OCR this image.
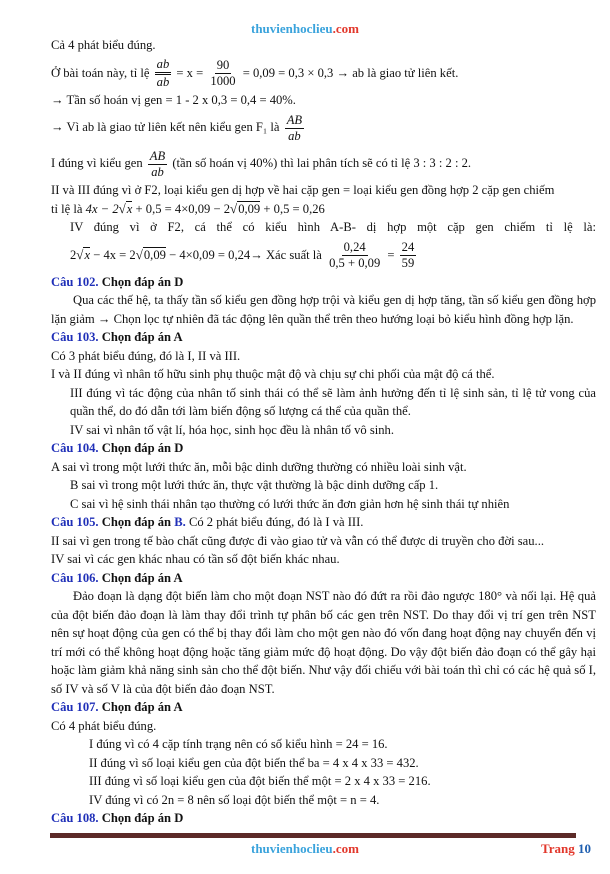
thuvienhoclieu.com
Cả 4 phát biểu đúng.
Ở bài toán này, tỉ lệ $\frac{ab}{ab} = x = \frac{90}{1000} = 0,09 = 0,3 \times 0,3$ → ab là giao tử liên kết.
→ Tần số hoán vị gen = 1 - 2 x 0,3 = 0,4 = 40%.
→ Vì ab là giao tử liên kết nên kiểu gen F₁ là $\frac{AB}{ab}$
I đúng vì kiểu gen $\frac{AB}{ab}$ (tần số hoán vị 40%) thì lai phân tích sẽ có tỉ lệ 3 : 3 : 2 : 2.
II và III đúng vì ở F2, loại kiểu gen dị hợp về hai cặp gen = loại kiểu gen đồng hợp 2 cặp gen chiếm
tỉ lệ là 4x − 2√x + 0,5 = 4×0,09 − 2√0,09 + 0,5 = 0,26
IV đúng vì ở F2, cá thể có kiểu hình A-B- dị hợp một cặp gen chiếm tỉ lệ là:
2√x − 4x = 2√0,09 − 4×0,09 = 0,24→ Xác suất là $\frac{0,24}{0,5 + 0,09} = \frac{24}{59}$
Câu 102. Chọn đáp án D
Qua các thế hệ, ta thấy tần số kiểu gen đồng hợp trội và kiểu gen dị hợp tăng, tần số kiểu gen đồng hợp lặn giảm → Chọn lọc tự nhiên đã tác động lên quần thể trên theo hướng loại bỏ kiểu hình đồng hợp lặn.
Câu 103. Chọn đáp án A
Có 3 phát biểu đúng, đó là I, II và III.
I và II đúng vì nhân tố hữu sinh phụ thuộc mật độ và chịu sự chi phối của mật độ cá thể.
III đúng vì tác động của nhân tố sinh thái có thể sẽ làm ảnh hưởng đến tỉ lệ sinh sản, tỉ lệ tử vong của quần thể, do đó dẫn tới làm biến động số lượng cá thể của quần thể.
IV sai vì nhân tố vật lí, hóa học, sinh học đều là nhân tố vô sinh.
Câu 104. Chọn đáp án D
A sai vì trong một lưới thức ăn, mỗi bậc dinh dưỡng thường có nhiều loài sinh vật.
B sai vì trong một lưới thức ăn, thực vật thường là bậc dinh dưỡng cấp 1.
C sai vì hệ sinh thái nhân tạo thường có lưới thức ăn đơn giản hơn hệ sinh thái tự nhiên
Câu 105. Chọn đáp án B. Có 2 phát biểu đúng, đó là I và III.
II sai vì gen trong tế bào chất cũng được đi vào giao tử và vẫn có thể được di truyền cho đời sau...
IV sai vì các gen khác nhau có tần số đột biến khác nhau.
Câu 106. Chọn đáp án A
Đảo đoạn là dạng đột biến làm cho một đoạn NST nào đó đứt ra rồi đảo ngược 180° và nối lại. Hệ quả của đột biến đảo đoạn là làm thay đổi trình tự phân bố các gen trên NST. Do thay đổi vị trí gen trên NST nên sự hoạt động của gen có thể bị thay đổi làm cho một gen nào đó vốn đang hoạt động nay chuyển đến vị trí mới có thể không hoạt động hoặc tăng giảm mức độ hoạt động. Do vậy đột biến đảo đoạn có thể gây hại hoặc làm giảm khả năng sinh sản cho thể đột biến. Như vậy đối chiếu với bài toán thì chỉ có các hệ quả số I, số IV và số V là của đột biến đảo đoạn NST.
Câu 107. Chọn đáp án A
Có 4 phát biểu đúng.
I đúng vì có 4 cặp tính trạng nên có số kiểu hình = 24 = 16.
II đúng vì số loại kiểu gen của đột biến thể ba = 4 x 4 x 33 = 432.
III đúng vì số loại kiểu gen của đột biến thể một = 2 x 4 x 33 = 216.
IV đúng vì có 2n = 8 nên số loại đột biến thể một = n = 4.
Câu 108. Chọn đáp án D
thuvienhoclieu.com	Trang 10
